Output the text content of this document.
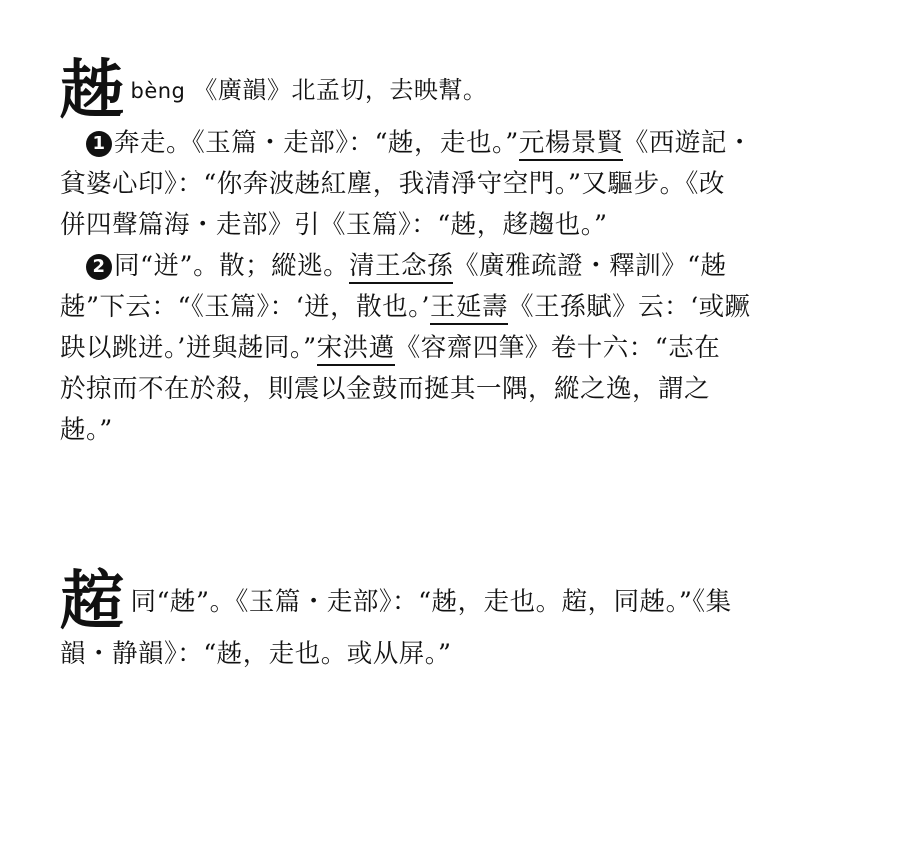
趀bèng 《廣韻》北孟切，去映幫。
1 奔走。《玉篇・走部》：“趀，走也。”元楊景賢《西遊記・
貧婆心印》：“你奔波趀紅塵，我清淨守空門。”又驅步。《改
併四聲篇海・走部》引《玉篇》：“趀，趍趨也。”
2 同“迸”。散；縱逃。清王念孫《廣雅疏證・釋訓》“趀
趀”下云：“《玉篇》：‘迸，散也。’王延壽《王孫賦》云：‘或蹶
趹以跳迸。’迸與趀同。”宋洪邁《容齋四筆》卷十六：“志在
於掠而不在於殺，則震以金鼓而挻其一隅，縱之逸，謂之
趀。”
趤同“趀”。《玉篇・走部》：“趀，走也。趤，同趀。”《集
韻・静韻》：“趀，走也。或从屏。”
